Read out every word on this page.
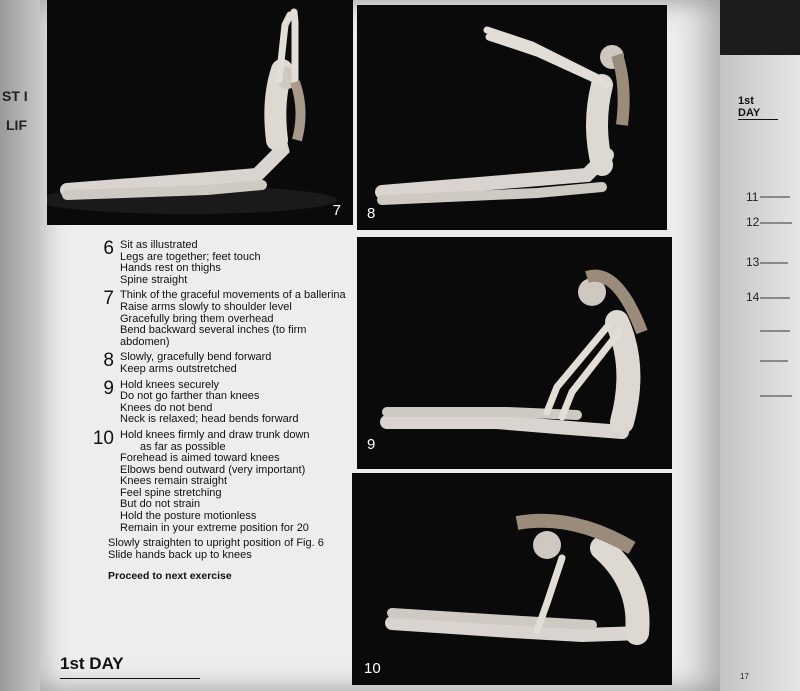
ST I
LIF
1st DAY
11
12
13
14
17
7 8
9
10
6 Sit as illustrated
Legs are together; feet touch
Hands rest on thighs
Spine straight
7 Think of the graceful movements of a ballerina
Raise arms slowly to shoulder level
Gracefully bring them overhead
Bend backward several inches (to firm abdomen)
8 Slowly, gracefully bend forward
Keep arms outstretched
9 Hold knees securely
Do not go farther than knees
Knees do not bend
Neck is relaxed; head bends forward
10 Hold knees firmly and draw trunk down
as far as possible
Forehead is aimed toward knees
Elbows bend outward (very important)
Knees remain straight
Feel spine stretching
But do not strain
Hold the posture motionless
Remain in your extreme position for 20
Slowly straighten to upright position of Fig. 6
Slide hands back up to knees
Proceed to next exercise
1st DAY
